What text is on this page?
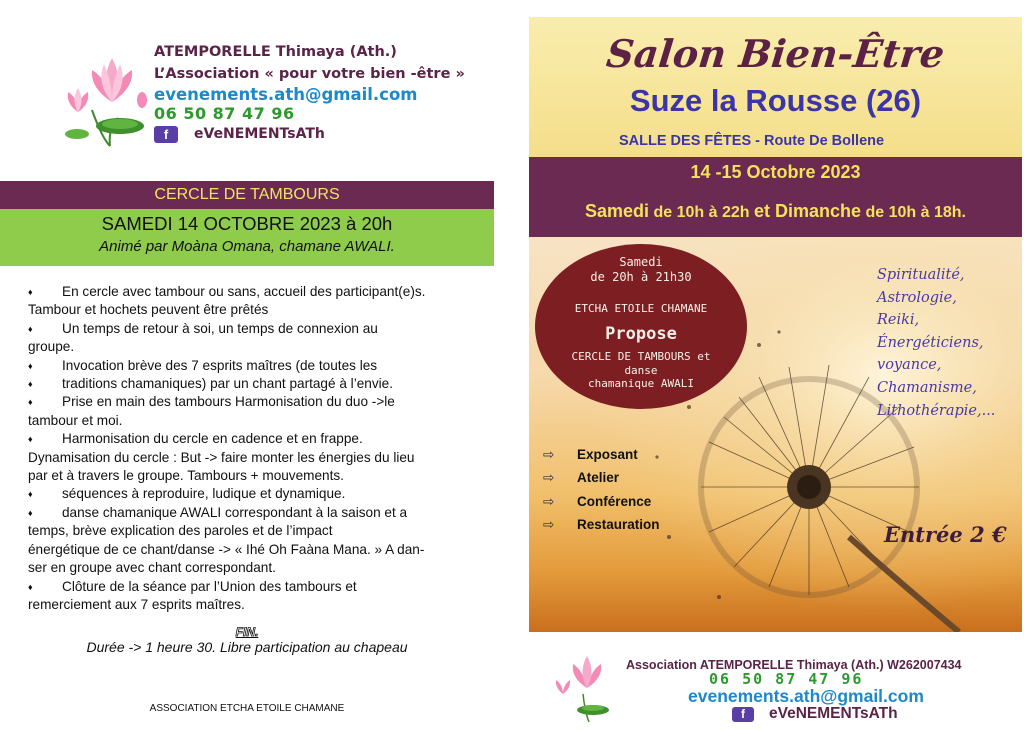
ATEMPORELLE Thimaya (Ath.)
L’Association « pour votre bien -être »
evenements.ath@gmail.com
06 50 87 47 96
f	eVeNEMENTsATh
CERCLE DE TAMBOURS
SAMEDI 14 OCTOBRE 2023 à 20h
Animé par Moàna Omana, chamane AWALI.

♦ En cercle avec tambour ou sans, accueil des participant(e)s.

Tambour et hochets peuvent être prêtés

♦ Un temps de retour à soi, un temps de connexion au

groupe.

♦ Invocation brève des 7 esprits maîtres (de toutes les

♦ traditions chamaniques) par un chant partagé à l’envie.

♦ Prise en main des tambours Harmonisation du duo ->le

tambour et moi.

♦ Harmonisation du cercle en cadence et en frappe.

Dynamisation du cercle : But -> faire monter les énergies du lieu

par et à travers le groupe. Tambours + mouvements.

♦ séquences à reproduire, ludique et dynamique.

♦ danse chamanique AWALI correspondant à la saison et a

temps, brève explication des paroles et de l’impact

énergétique de ce chant/danse -> « Ihé Oh Faàna Mana. » A dan-

ser en groupe avec chant correspondant.

♦ Clôture de la séance par l’Union des tambours et

remerciement aux 7 esprits maîtres.

FIN.
Durée -> 1 heure 30. Libre participation au chapeau
ASSOCIATION ETCHA ETOILE CHAMANE
Salon Bien-Être
Suze la Rousse (26)
SALLE DES FÊTES - Route De Bollene
14 -15 Octobre 2023
Samedi de 10h à 22h et Dimanche de 10h à 18h.
Samedi
de 20h à 21h30
ETCHA ETOILE CHAMANE
Propose
CERCLE DE TAMBOURS et
danse
chamanique AWALI
Spiritualité,
Astrologie,
Reiki,
Énergéticiens,
voyance,
Chamanisme,
Lithothérapie,...
⇨ Exposant
⇨ Atelier
⇨ Conférence
⇨ Restauration	Entrée 2 €
Association ATEMPORELLE Thimaya (Ath.) W262007434
06 50 87 47 96
evenements.ath@gmail.com
f	eVeNEMENTsATh
